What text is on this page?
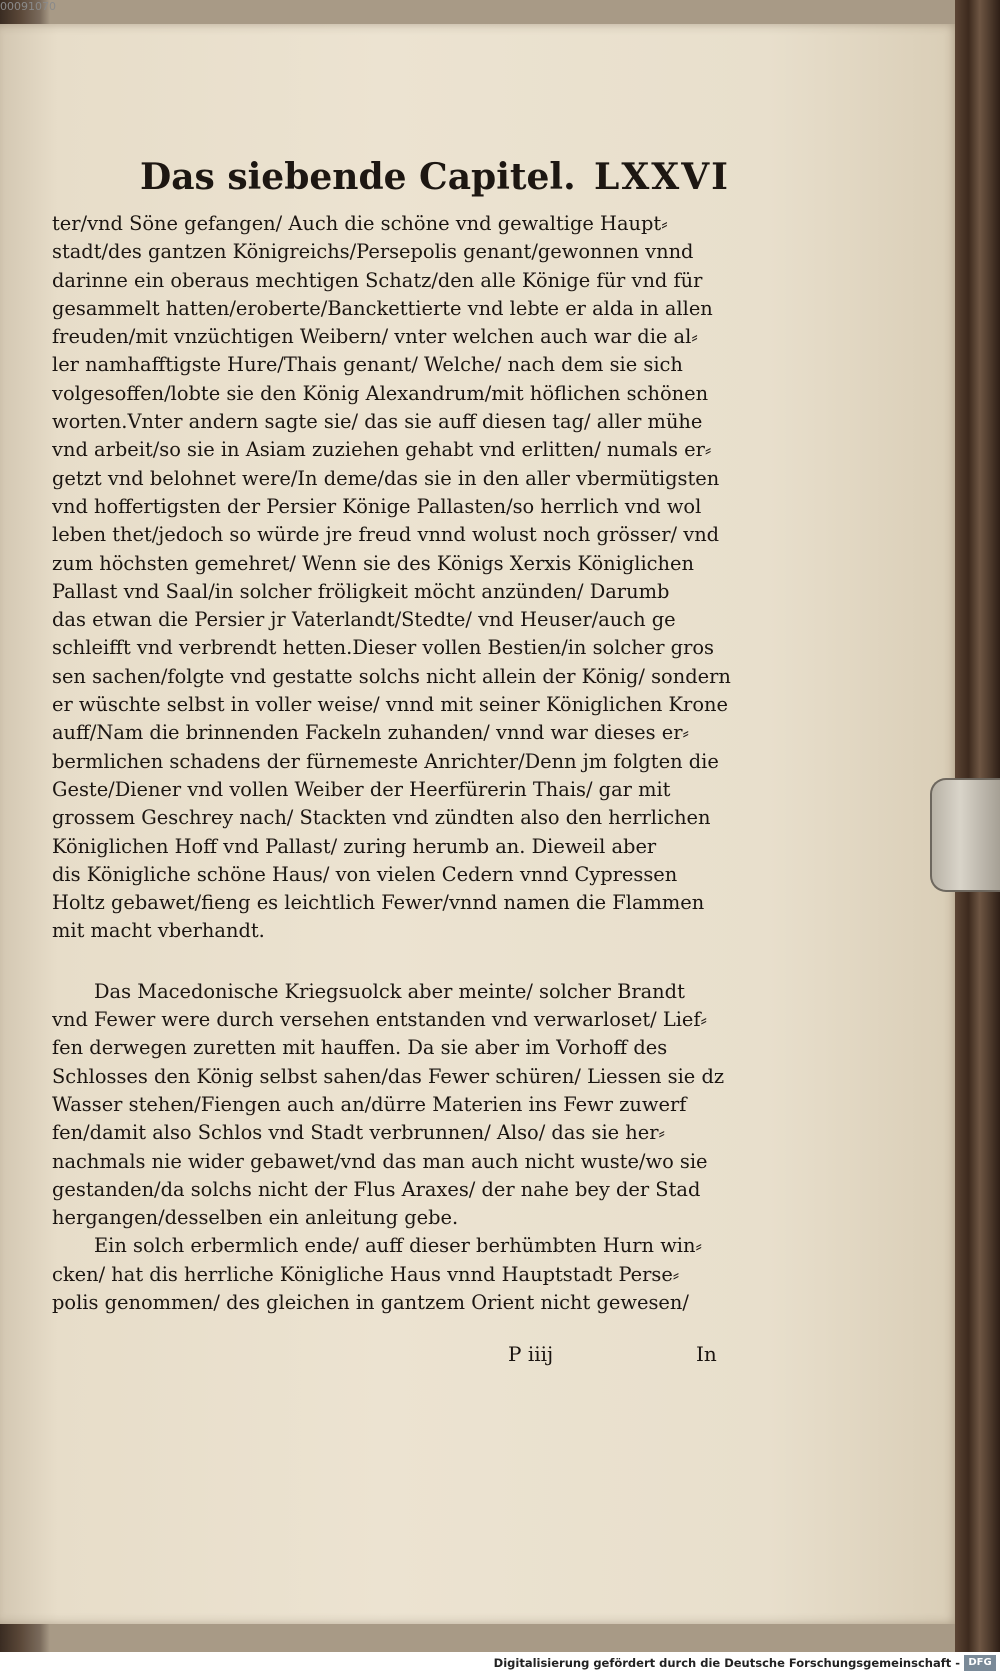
Das siebende Capitel. LXXVI
ter/vnd Söne gefangen/ Auch die schöne vnd gewaltige Haupt⸗
stadt/des gantzen Königreichs/Persepolis genant/gewonnen vnnd
darinne ein oberaus mechtigen Schatz/den alle Könige für vnd für
gesammelt hatten/eroberte/Banckettierte vnd lebte er alda in allen
freuden/mit vnzüchtigen Weibern/ vnter welchen auch war die al⸗
ler namhafftigste Hure/Thais genant/ Welche/ nach dem sie sich
volgesoffen/lobte sie den König Alexandrum/mit höflichen schönen
worten.Vnter andern sagte sie/ das sie auff diesen tag/ aller mühe
vnd arbeit/so sie in Asiam zuziehen gehabt vnd erlitten/ numals er⸗
getzt vnd belohnet were/In deme/das sie in den aller vbermütigsten
vnd hoffertigsten der Persier Könige Pallasten/so herrlich vnd wol
leben thet/jedoch so würde jre freud vnnd wolust noch grösser/ vnd
zum höchsten gemehret/ Wenn sie des Königs Xerxis Königlichen
Pallast vnd Saal/in solcher fröligkeit möcht anzünden/ Darumb
das etwan die Persier jr Vaterlandt/Stedte/ vnd Heuser/auch ge
schleifft vnd verbrendt hetten.Dieser vollen Bestien/in solcher gros
sen sachen/folgte vnd gestatte solchs nicht allein der König/ sondern
er wüschte selbst in voller weise/ vnnd mit seiner Königlichen Krone
auff/Nam die brinnenden Fackeln zuhanden/ vnnd war dieses er⸗
bermlichen schadens der fürnemeste Anrichter/Denn jm folgten die
Geste/Diener vnd vollen Weiber der Heerfürerin Thais/ gar mit
grossem Geschrey nach/ Stackten vnd zündten also den herrlichen
Königlichen Hoff vnd Pallast/ zuring herumb an. Dieweil aber
dis Königliche schöne Haus/ von vielen Cedern vnnd Cypressen
Holtz gebawet/fieng es leichtlich Fewer/vnnd namen die Flammen
mit macht vberhandt.
Das Macedonische Kriegsuolck aber meinte/ solcher Brandt
vnd Fewer were durch versehen entstanden vnd verwarloset/ Lief⸗
fen derwegen zuretten mit hauffen. Da sie aber im Vorhoff des
Schlosses den König selbst sahen/das Fewer schüren/ Liessen sie dz
Wasser stehen/Fiengen auch an/dürre Materien ins Fewr zuwerf
fen/damit also Schlos vnd Stadt verbrunnen/ Also/ das sie her⸗
nachmals nie wider gebawet/vnd das man auch nicht wuste/wo sie
gestanden/da solchs nicht der Flus Araxes/ der nahe bey der Stad
hergangen/desselben ein anleitung gebe.
Ein solch erbermlich ende/ auff dieser berhümbten Hurn win⸗
cken/ hat dis herrliche Königliche Haus vnnd Hauptstadt Perse⸗
polis genommen/ des gleichen in gantzem Orient nicht gewesen/
P iiij	In
00091070
Digitalisierung gefördert durch die Deutsche Forschungsgemeinschaft - DFG
